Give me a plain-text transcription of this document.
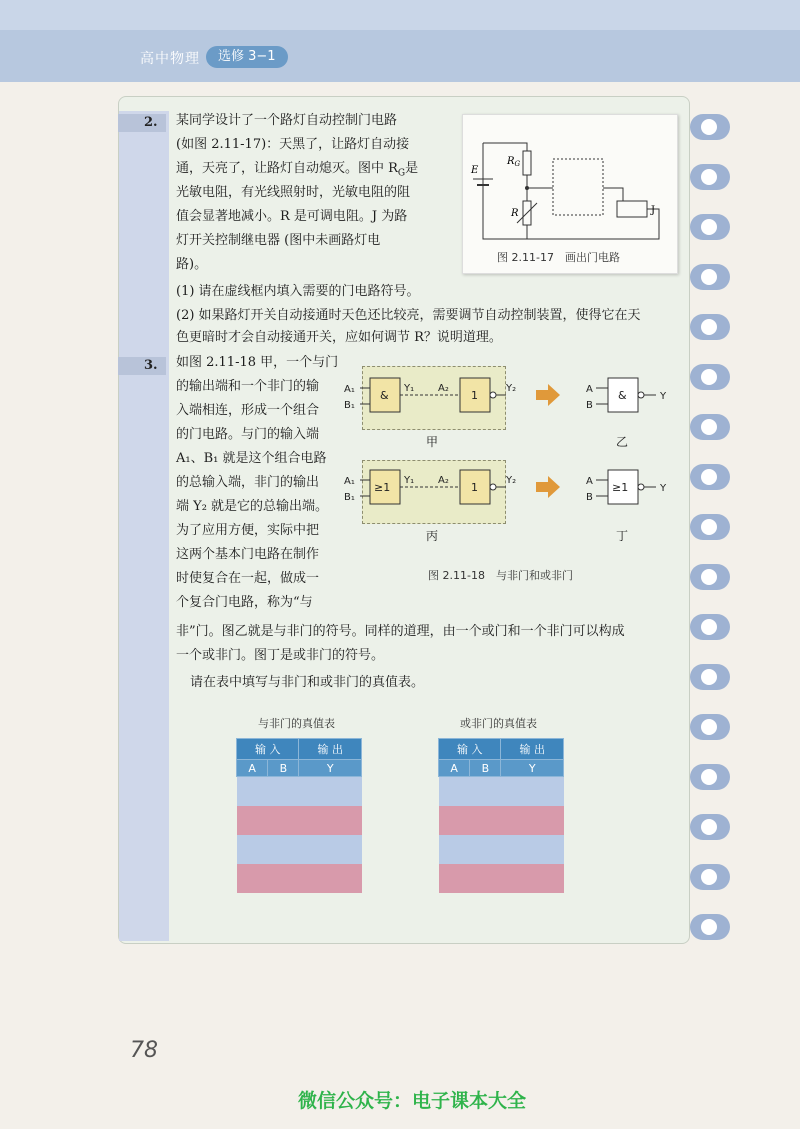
高中物理	选修 3−1
2.	某同学设计了一个路灯自动控制门电路
(如图 2.11-17)：天黑了，让路灯自动接
通，天亮了，让路灯自动熄灭。图中 $R_G$是
光敏电阻，有光线照射时，光敏电阻的阻
值会显著地减小。R 是可调电阻。J 为路
灯开关控制继电器 (图中未画路灯电
路)。
(1) 请在虚线框内填入需要的门电路符号。
(2) 如果路灯开关自动接通时天色还比较亮，需要调节自动控制装置，使得它在天
色更暗时才会自动接通开关，应如何调节 R？说明道理。
E
$R_G$
R	J
图 2.11-17　画出门电路
3.	如图 2.11-18 甲，一个与门
的输出端和一个非门的输
入端相连，形成一个组合
的门电路。与门的输入端
A₁、B₁ 就是这个组合电路
的总输入端，非门的输出
端 Y₂ 就是它的总输出端。
为了应用方便，实际中把
这两个基本门电路在制作
时使复合在一起，做成一
个复合门电路，称为“与
非”门。图乙就是与非门的符号。同样的道理，由一个或门和一个非门可以构成
一个或非门。图丁是或非门的符号。
请在表中填写与非门和或非门的真值表。
&	1
≥1	1
&
≥1
A₁
B₁
Y₁ A₂	Y₂
A₁
B₁
Y₁ A₂	Y₂
A
B
Y
A
B
Y
甲	乙
丙	丁
图 2.11-18　与非门和或非门
与非门的真值表
输 入		输 出
A	B	Y

或非门的真值表
输 入		输 出
A	B	Y

78
微信公众号：电子课本大全
